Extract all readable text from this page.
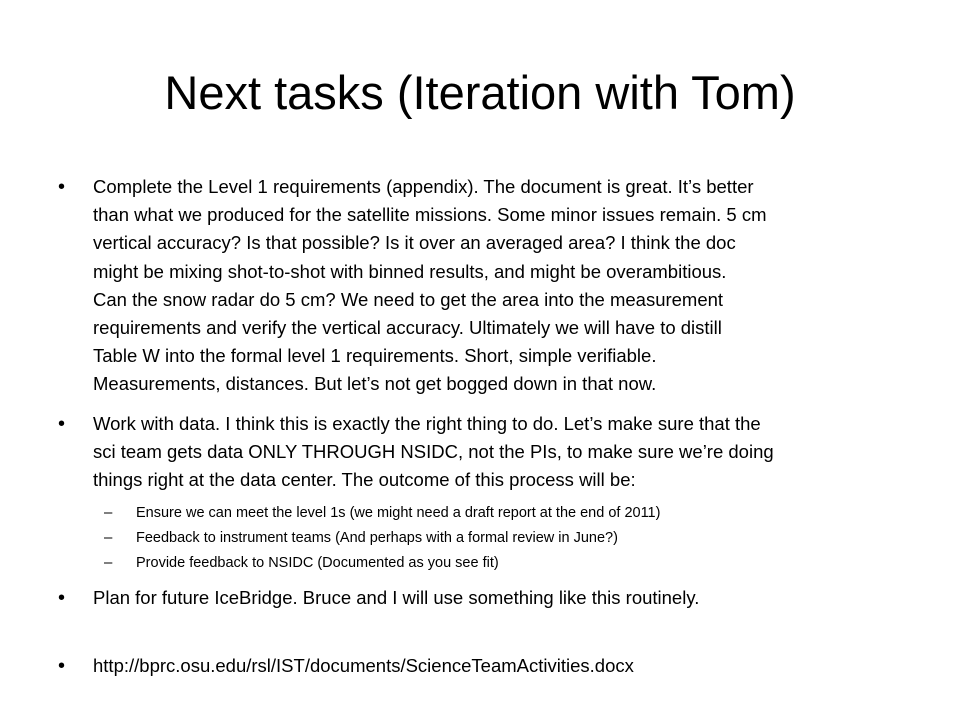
Next tasks (Iteration with Tom)
• Complete the Level 1 requirements (appendix). The document is great. It’s better
than what we produced for the satellite missions. Some minor issues remain. 5 cm
vertical accuracy? Is that possible? Is it over an averaged area? I think the doc
might be mixing shot-to-shot with binned results, and might be overambitious.
Can the snow radar do 5 cm? We need to get the area into the measurement
requirements and verify the vertical accuracy. Ultimately we will have to distill
Table W into the formal level 1 requirements. Short, simple verifiable.
Measurements, distances. But let’s not get bogged down in that now.
• Work with data. I think this is exactly the right thing to do. Let’s make sure that the
sci team gets data ONLY THROUGH NSIDC, not the PIs, to make sure we’re doing
things right at the data center. The outcome of this process will be:
– Ensure we can meet the level 1s (we might need a draft report at the end of 2011)
– Feedback to instrument teams (And perhaps with a formal review in June?)
– Provide feedback to NSIDC (Documented as you see fit)
• Plan for future IceBridge. Bruce and I will use something like this routinely.
• http://bprc.osu.edu/rsl/IST/documents/ScienceTeamActivities.docx
